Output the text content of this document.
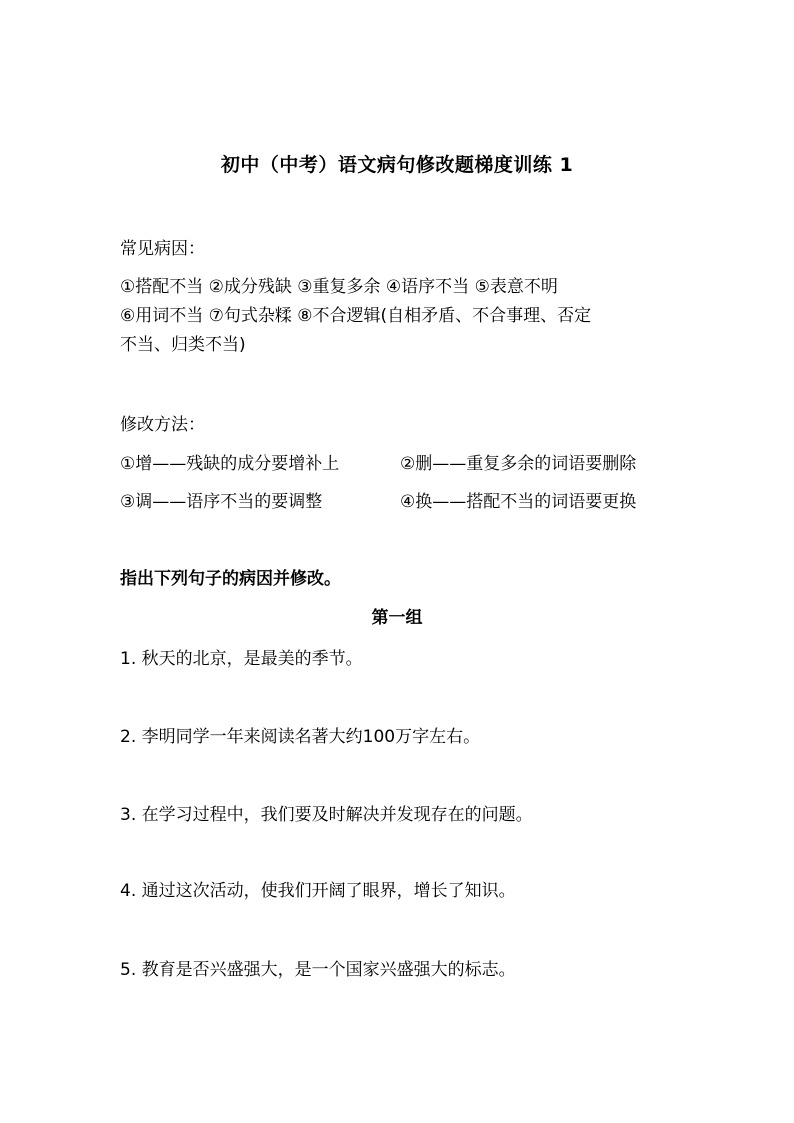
初中（中考）语文病句修改题梯度训练 1
常见病因：
①搭配不当 ②成分残缺 ③重复多余 ④语序不当 ⑤表意不明
⑥用词不当 ⑦句式杂糅 ⑧不合逻辑(自相矛盾、不合事理、否定
不当、归类不当)
修改方法：
①增——残缺的成分要增补上	②删——重复多余的词语要删除
③调——语序不当的要调整	④换——搭配不当的词语要更换
指出下列句子的病因并修改。
第一组
1. 秋天的北京，是最美的季节。
2. 李明同学一年来阅读名著大约100万字左右。
3. 在学习过程中，我们要及时解决并发现存在的问题。
4. 通过这次活动，使我们开阔了眼界，增长了知识。
5. 教育是否兴盛强大，是一个国家兴盛强大的标志。
